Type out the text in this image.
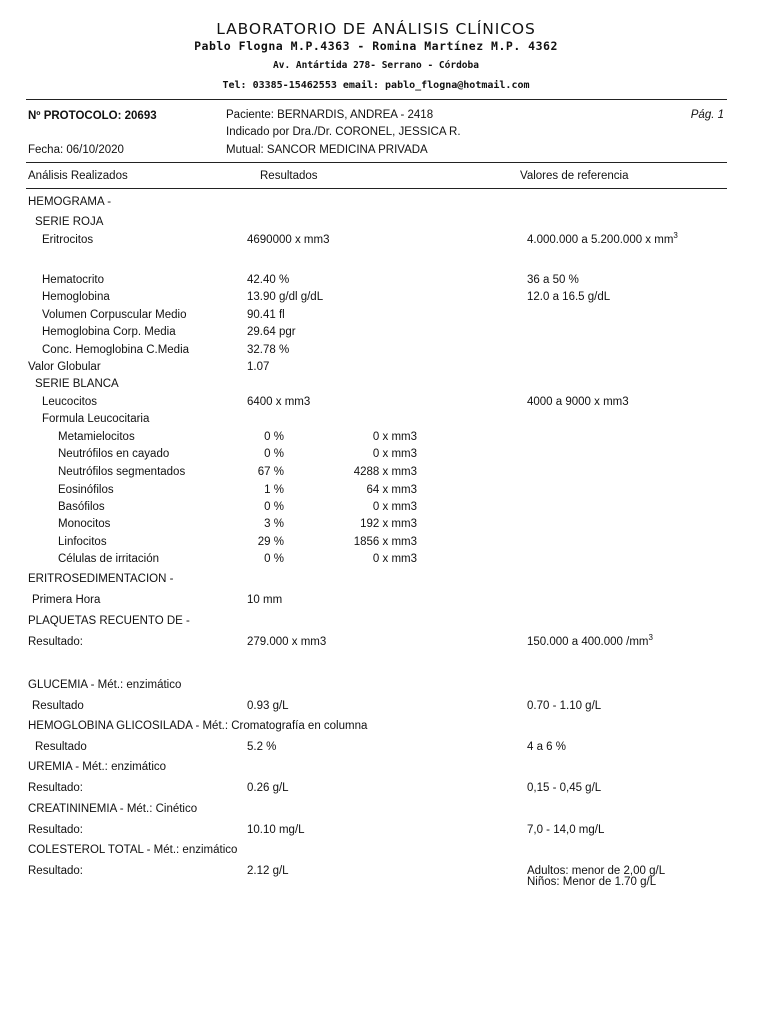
LABORATORIO DE ANÁLISIS CLÍNICOS
Pablo Flogna M.P.4363 - Romina Martínez M.P. 4362
Av. Antártida 278- Serrano - Córdoba
Tel: 03385-15462553 email: pablo_flogna@hotmail.com
Nº PROTOCOLO: 20693	Paciente: BERNARDIS, ANDREA - 2418	Pág. 1
Indicado por Dra./Dr. CORONEL, JESSICA R.
Fecha: 06/10/2020	Mutual: SANCOR MEDICINA PRIVADA
Análisis Realizados	Resultados	Valores de referencia
HEMOGRAMA -
SERIE ROJA
Eritrocitos	4690000 x mm3	4.000.000 a 5.200.000 x $mm^3$
Hematocrito	42.40 %	36 a 50 %
Hemoglobina	13.90 g/dl g/dL	12.0 a 16.5 g/dL
Volumen Corpuscular Medio	90.41 fl
Hemoglobina Corp. Media	29.64 pgr
Conc. Hemoglobina C.Media	32.78 %
Valor Globular	1.07
SERIE BLANCA
Leucocitos	6400 x mm3	4000 a 9000 x mm3
Formula Leucocitaria
Metamielocitos	0 %	0 x mm3
Neutrófilos en cayado	0 %	0 x mm3
Neutrófilos segmentados	67 %	4288 x mm3
Eosinófilos	1 %	64 x mm3
Basófilos	0 %	0 x mm3
Monocitos	3 %	192 x mm3
Linfocitos	29 %	1856 x mm3
Células de irritación	0 %	0 x mm3
ERITROSEDIMENTACION -
Primera Hora	10 mm
PLAQUETAS RECUENTO DE -
Resultado:	279.000 x mm3	150.000 a 400.000 $/mm^3$
GLUCEMIA - Mét.: enzimático
Resultado	0.93 g/L	0.70 - 1.10 g/L
HEMOGLOBINA GLICOSILADA - Mét.: Cromatografía en columna
Resultado	5.2 %	4 a 6 %
UREMIA - Mét.: enzimático
Resultado:	0.26 g/L	0,15 - 0,45 g/L
CREATININEMIA - Mét.: Cinético
Resultado:	10.10 mg/L	7,0 - 14,0 mg/L
COLESTEROL TOTAL - Mét.: enzimático
Resultado:	2.12 g/L	Adultos: menor de 2,00 g/L
Niños: Menor de 1.70 g/L
